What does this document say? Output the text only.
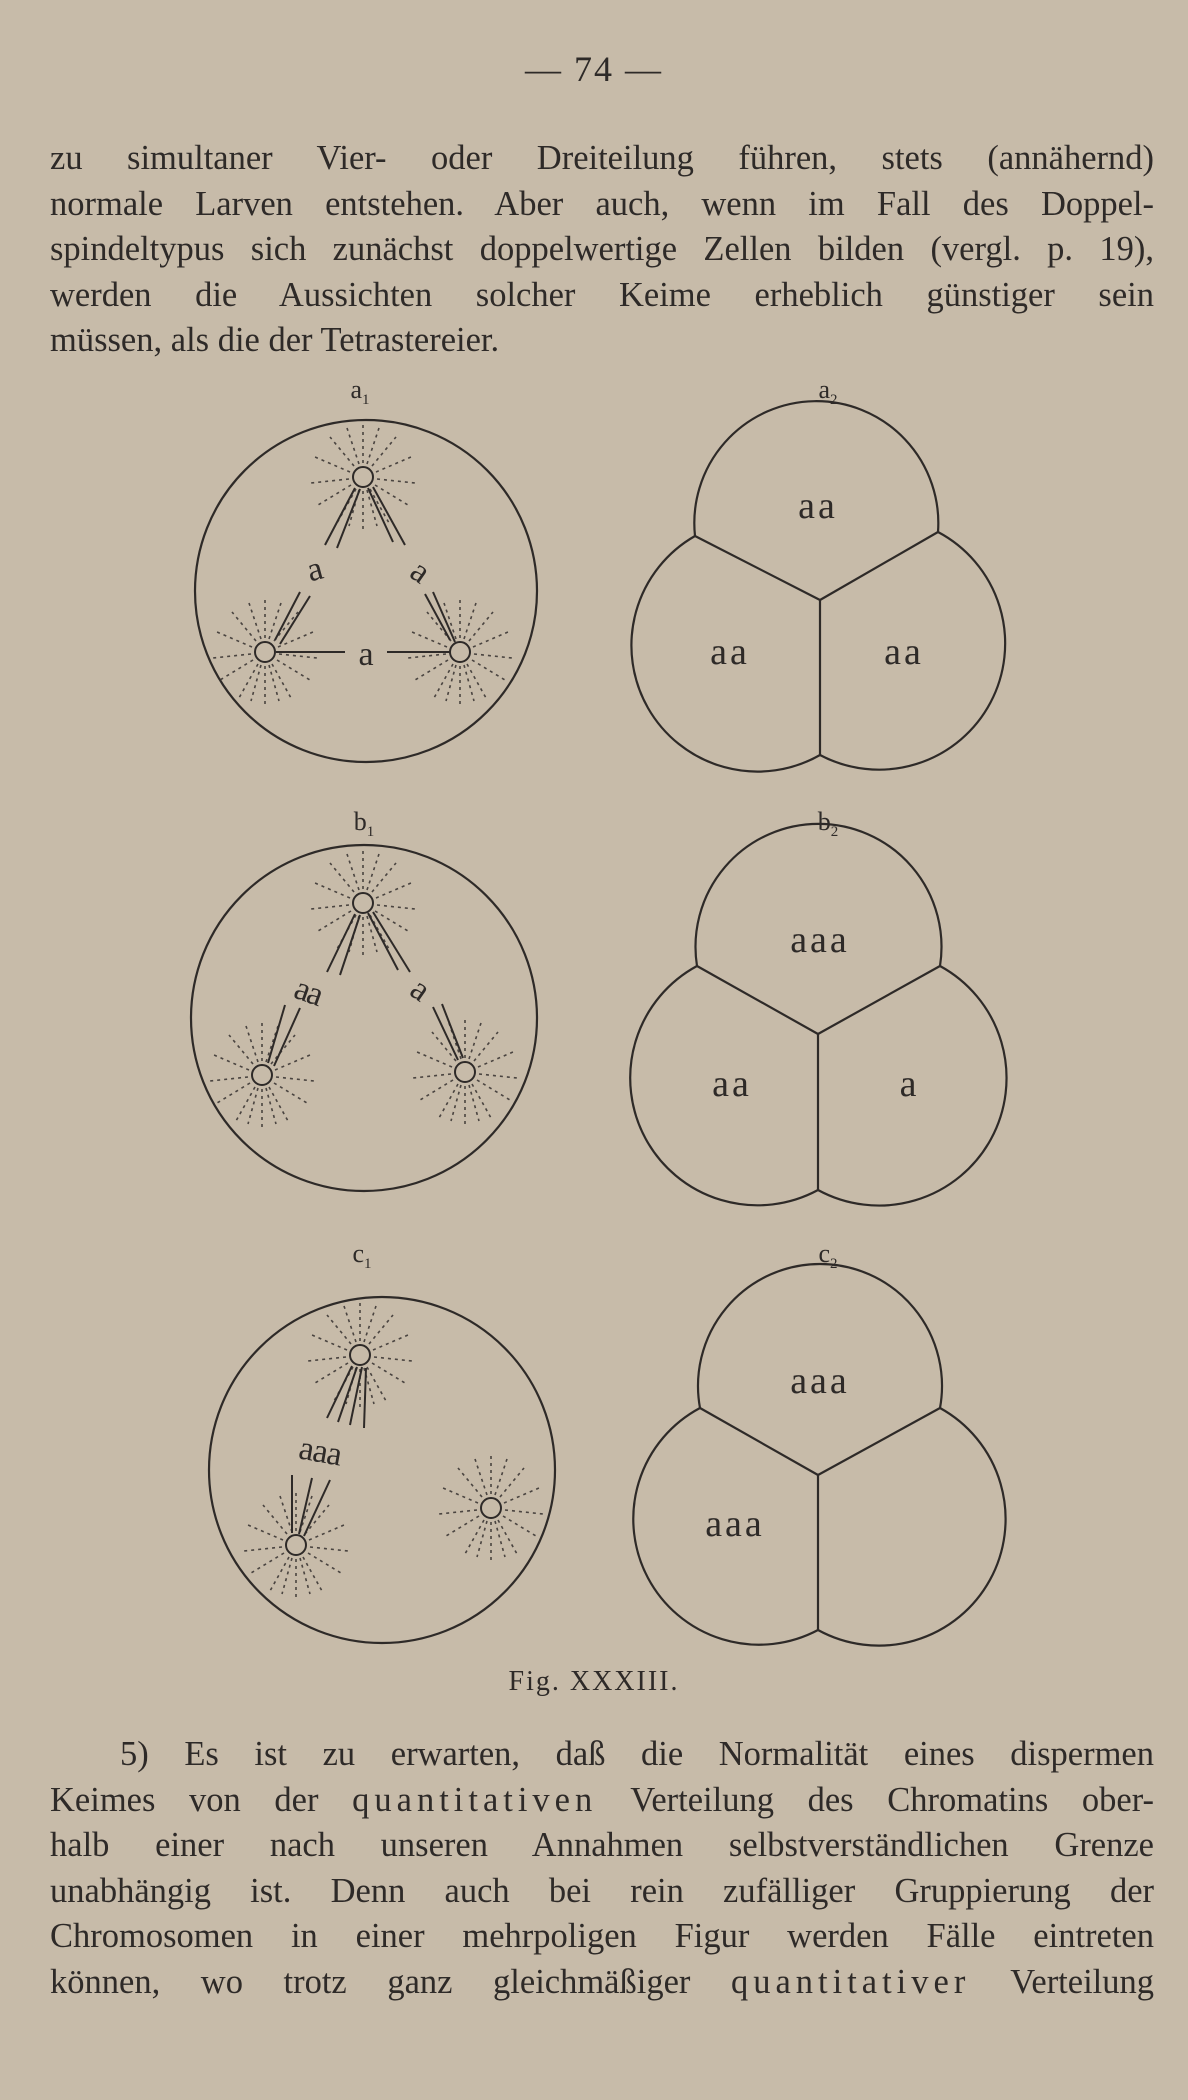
— 74 —
zu simultaner Vier- oder Dreiteilung führen, stets (annähernd)
normale Larven entstehen. Aber auch, wenn im Fall des Doppel-
spindeltypus sich zunächst doppelwertige Zellen bilden (vergl. p. 19),
werden die Aussichten solcher Keime erheblich günstiger sein
müssen, als die der Tetrastereier.
$a_1$
a a
a
$a_2$
aa
aa	aa
$b_1$
aa a
$b_2$
aaa
aa	a
$c_1$
aaa
$c_2$
aaa
aaa
Fig. XXXIII.
5) Es ist zu erwarten, daß die Normalität eines dispermen
Keimes von der quantitativen Verteilung des Chromatins ober-
halb einer nach unseren Annahmen selbstverständlichen Grenze
unabhängig ist. Denn auch bei rein zufälliger Gruppierung der
Chromosomen in einer mehrpoligen Figur werden Fälle eintreten
können, wo trotz ganz gleichmäßiger quantitativer Verteilung
